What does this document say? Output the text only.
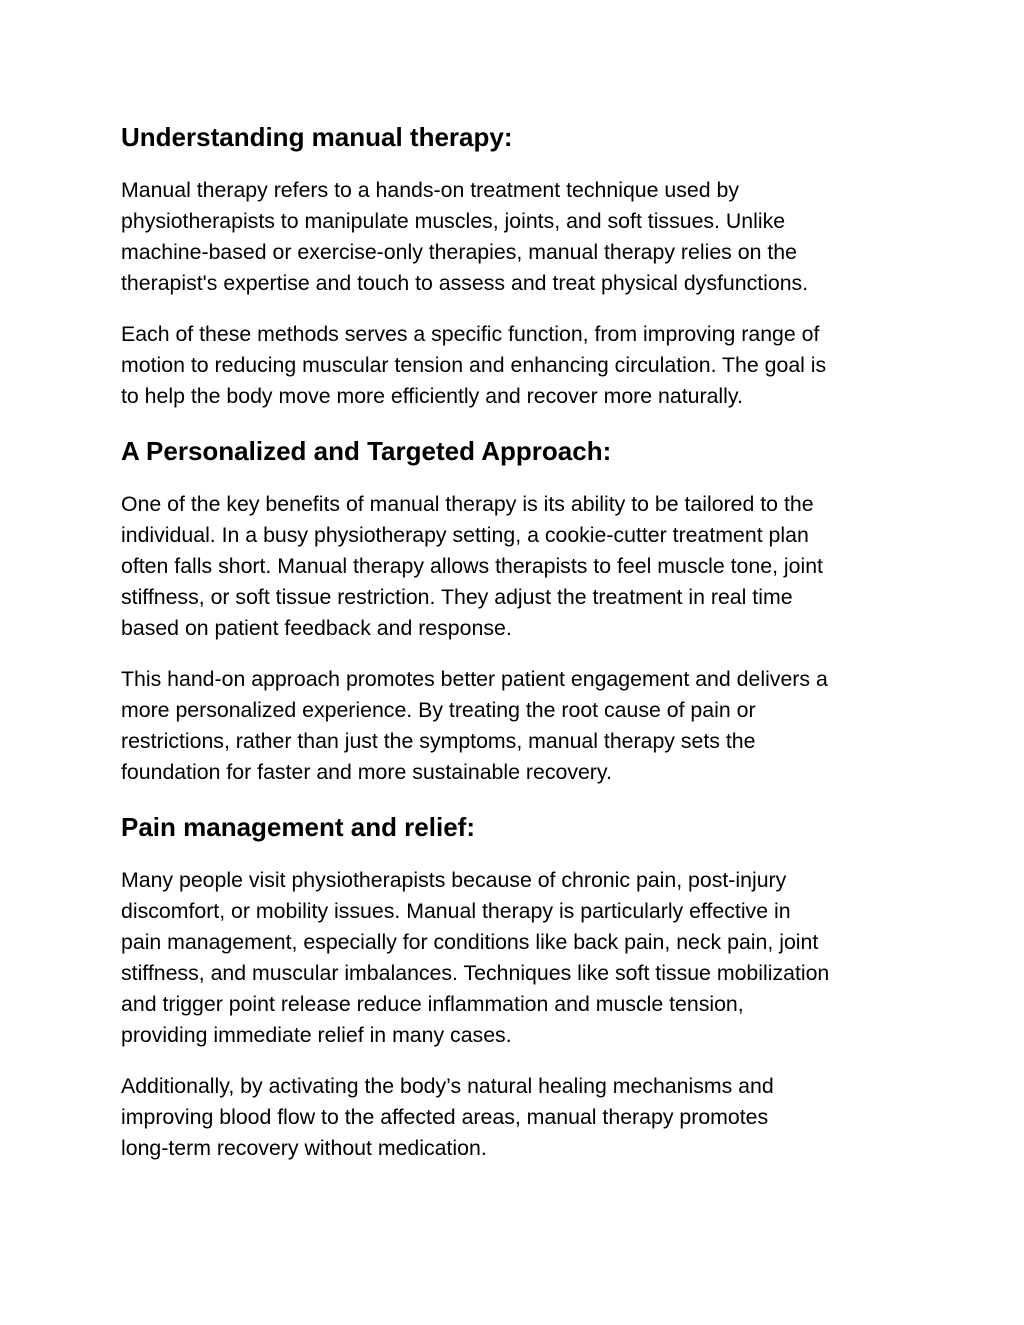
Understanding manual therapy:

Manual therapy refers to a hands-on treatment technique used by
physiotherapists to manipulate muscles, joints, and soft tissues. Unlike
machine-based or exercise-only therapies, manual therapy relies on the
therapist's expertise and touch to assess and treat physical dysfunctions.

Each of these methods serves a specific function, from improving range of
motion to reducing muscular tension and enhancing circulation. The goal is
to help the body move more efficiently and recover more naturally.

A Personalized and Targeted Approach:

One of the key benefits of manual therapy is its ability to be tailored to the
individual. In a busy physiotherapy setting, a cookie-cutter treatment plan
often falls short. Manual therapy allows therapists to feel muscle tone, joint
stiffness, or soft tissue restriction. They adjust the treatment in real time
based on patient feedback and response.

This hand-on approach promotes better patient engagement and delivers a
more personalized experience. By treating the root cause of pain or
restrictions, rather than just the symptoms, manual therapy sets the
foundation for faster and more sustainable recovery.

Pain management and relief:

Many people visit physiotherapists because of chronic pain, post-injury
discomfort, or mobility issues. Manual therapy is particularly effective in
pain management, especially for conditions like back pain, neck pain, joint
stiffness, and muscular imbalances. Techniques like soft tissue mobilization
and trigger point release reduce inflammation and muscle tension,
providing immediate relief in many cases.

Additionally, by activating the body’s natural healing mechanisms and
improving blood flow to the affected areas, manual therapy promotes
long-term recovery without medication.
